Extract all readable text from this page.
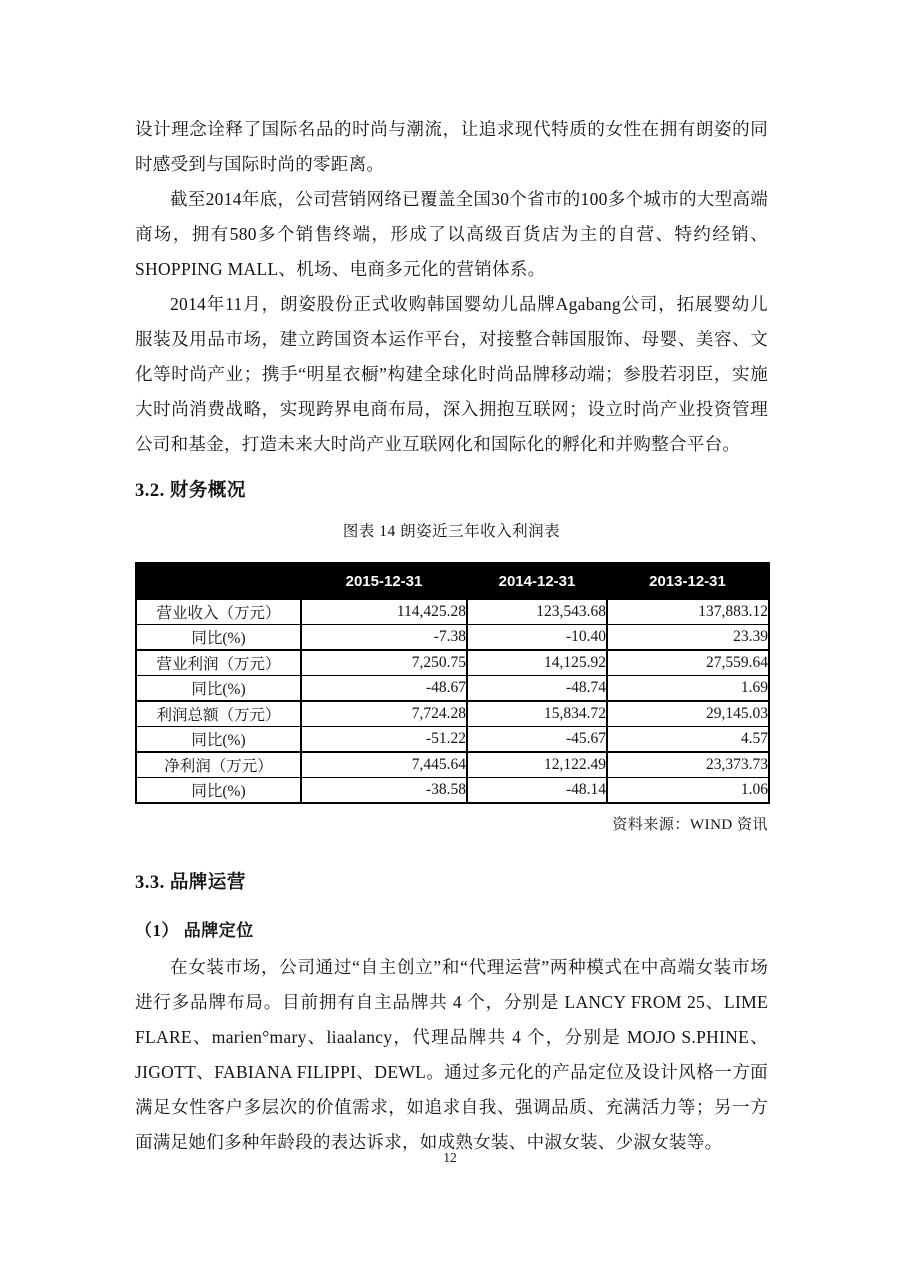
设计理念诠释了国际名品的时尚与潮流，让追求现代特质的女性在拥有朗姿的同时感受到与国际时尚的零距离。

截至2014年底，公司营销网络已覆盖全国30个省市的100多个城市的大型高端商场，拥有580多个销售终端，形成了以高级百货店为主的自营、特约经销、SHOPPING MALL、机场、电商多元化的营销体系。

2014年11月，朗姿股份正式收购韩国婴幼儿品牌Agabang公司，拓展婴幼儿服装及用品市场，建立跨国资本运作平台，对接整合韩国服饰、母婴、美容、文化等时尚产业；携手“明星衣橱”构建全球化时尚品牌移动端；参股若羽臣，实施大时尚消费战略，实现跨界电商布局，深入拥抱互联网；设立时尚产业投资管理公司和基金，打造未来大时尚产业互联网化和国际化的孵化和并购整合平台。

3.2. 财务概况

图表 14 朗姿近三年收入利润表

	2015-12-31	2014-12-31	2013-12-31
营业收入（万元）	114,425.28	123,543.68	137,883.12
同比(%)	-7.38	-10.40	23.39
营业利润（万元）	7,250.75	14,125.92	27,559.64
同比(%)	-48.67	-48.74	1.69
利润总额（万元）	7,724.28	15,834.72	29,145.03
同比(%)	-51.22	-45.67	4.57
净利润（万元）	7,445.64	12,122.49	23,373.73
同比(%)	-38.58	-48.14	1.06

资料来源：WIND 资讯

3.3. 品牌运营
（1） 品牌定位

在女装市场，公司通过“自主创立”和“代理运营”两种模式在中高端女装市场进行多品牌布局。目前拥有自主品牌共 4 个，分别是 LANCY FROM 25、LIME FLARE、marien°mary、liaalancy，代理品牌共 4 个，分别是 MOJO S.PHINE、JIGOTT、FABIANA FILIPPI、DEWL。通过多元化的产品定位及设计风格一方面满足女性客户多层次的价值需求，如追求自我、强调品质、充满活力等；另一方面满足她们多种年龄段的表达诉求，如成熟女装、中淑女装、少淑女装等。

12
